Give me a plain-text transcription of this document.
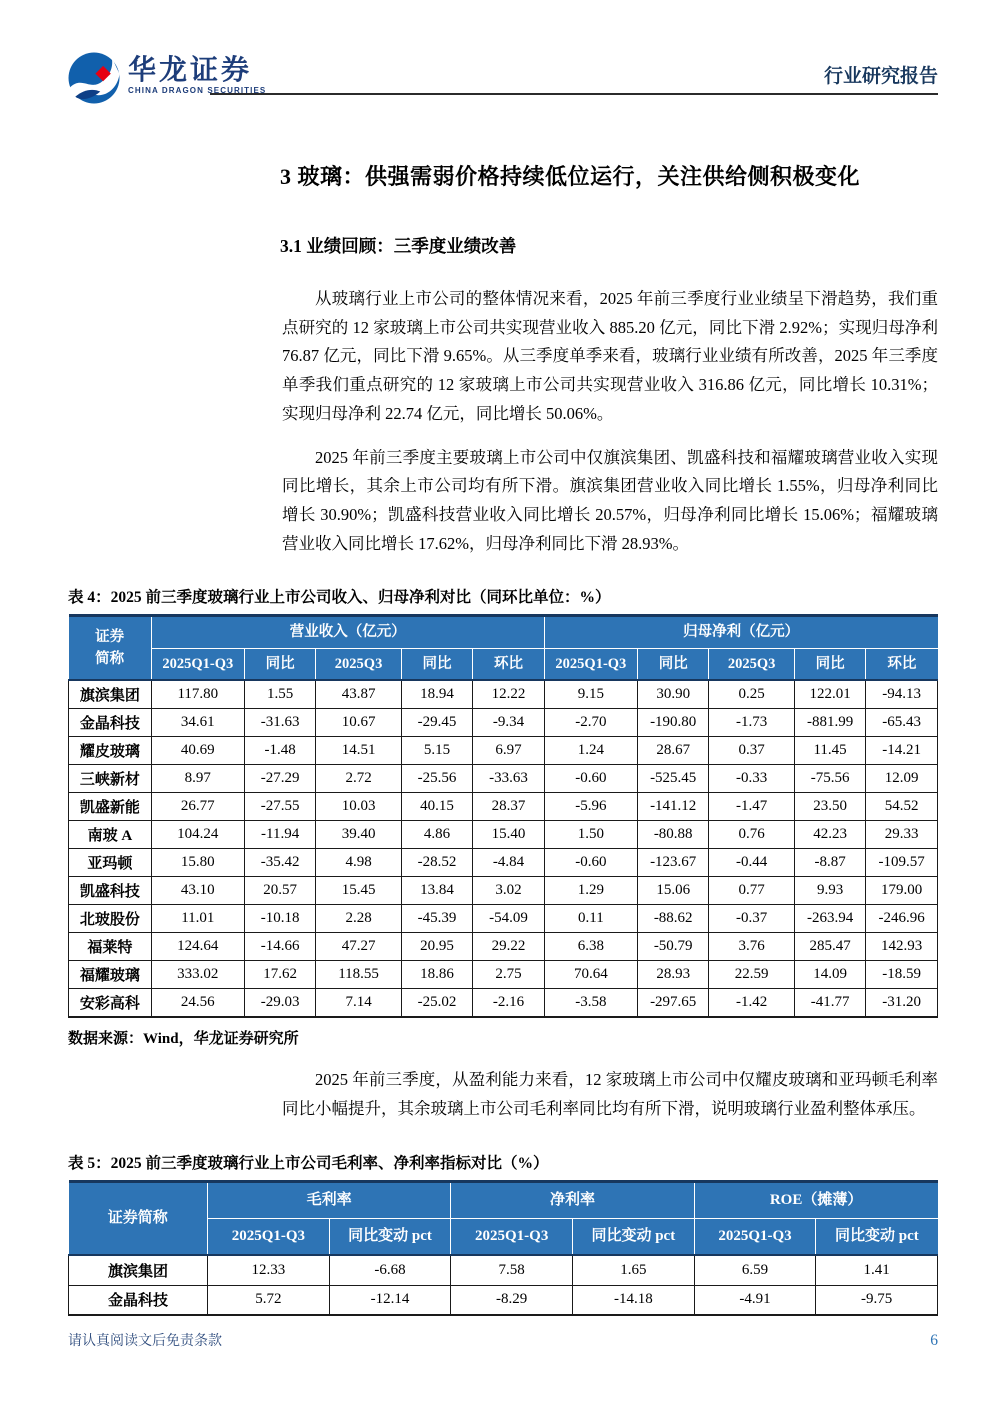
华龙证券
CHINA DRAGON SECURITIES
行业研究报告
3 玻璃：供强需弱价格持续低位运行，关注供给侧积极变化
3.1 业绩回顾：三季度业绩改善

从玻璃行业上市公司的整体情况来看，2025 年前三季度行业业绩呈下滑趋势，我们重点研究的 12 家玻璃上市公司共实现营业收入 885.20 亿元，同比下滑 2.92%；实现归母净利 76.87 亿元，同比下滑 9.65%。从三季度单季来看，玻璃行业业绩有所改善，2025 年三季度单季我们重点研究的 12 家玻璃上市公司共实现营业收入 316.86 亿元，同比增长 10.31%；实现归母净利 22.74 亿元，同比增长 50.06%。

2025 年前三季度主要玻璃上市公司中仅旗滨集团、凯盛科技和福耀玻璃营业收入实现同比增长，其余上市公司均有所下滑。旗滨集团营业收入同比增长 1.55%，归母净利同比增长 30.90%；凯盛科技营业收入同比增长 20.57%，归母净利同比增长 15.06%；福耀玻璃营业收入同比增长 17.62%，归母净利同比下滑 28.93%。

表 4：2025 前三季度玻璃行业上市公司收入、归母净利对比（同环比单位：%）
证券
简称	营业收入（亿元）					归母净利（亿元）				
	2025Q1-Q3	同比	2025Q3	同比	环比	2025Q1-Q3	同比	2025Q3	同比	环比
旗滨集团	117.80	1.55	43.87	18.94	12.22	9.15	30.90	0.25	122.01	-94.13
金晶科技	34.61	-31.63	10.67	-29.45	-9.34	-2.70	-190.80	-1.73	-881.99	-65.43
耀皮玻璃	40.69	-1.48	14.51	5.15	6.97	1.24	28.67	0.37	11.45	-14.21
三峡新材	8.97	-27.29	2.72	-25.56	-33.63	-0.60	-525.45	-0.33	-75.56	12.09
凯盛新能	26.77	-27.55	10.03	40.15	28.37	-5.96	-141.12	-1.47	23.50	54.52
南玻 A	104.24	-11.94	39.40	4.86	15.40	1.50	-80.88	0.76	42.23	29.33
亚玛顿	15.80	-35.42	4.98	-28.52	-4.84	-0.60	-123.67	-0.44	-8.87	-109.57
凯盛科技	43.10	20.57	15.45	13.84	3.02	1.29	15.06	0.77	9.93	179.00
北玻股份	11.01	-10.18	2.28	-45.39	-54.09	0.11	-88.62	-0.37	-263.94	-246.96
福莱特	124.64	-14.66	47.27	20.95	29.22	6.38	-50.79	3.76	285.47	142.93
福耀玻璃	333.02	17.62	118.55	18.86	2.75	70.64	28.93	22.59	14.09	-18.59
安彩高科	24.56	-29.03	7.14	-25.02	-2.16	-3.58	-297.65	-1.42	-41.77	-31.20
数据来源：Wind，华龙证券研究所

2025 年前三季度，从盈利能力来看，12 家玻璃上市公司中仅耀皮玻璃和亚玛顿毛利率同比小幅提升，其余玻璃上市公司毛利率同比均有所下滑，说明玻璃行业盈利整体承压。

表 5：2025 前三季度玻璃行业上市公司毛利率、净利率指标对比（%）
证券简称	毛利率		净利率		ROE（摊薄）	
	2025Q1-Q3	同比变动 pct	2025Q1-Q3	同比变动 pct	2025Q1-Q3	同比变动 pct
旗滨集团	12.33	-6.68	7.58	1.65	6.59	1.41
金晶科技	5.72	-12.14	-8.29	-14.18	-4.91	-9.75
请认真阅读文后免责条款	6
